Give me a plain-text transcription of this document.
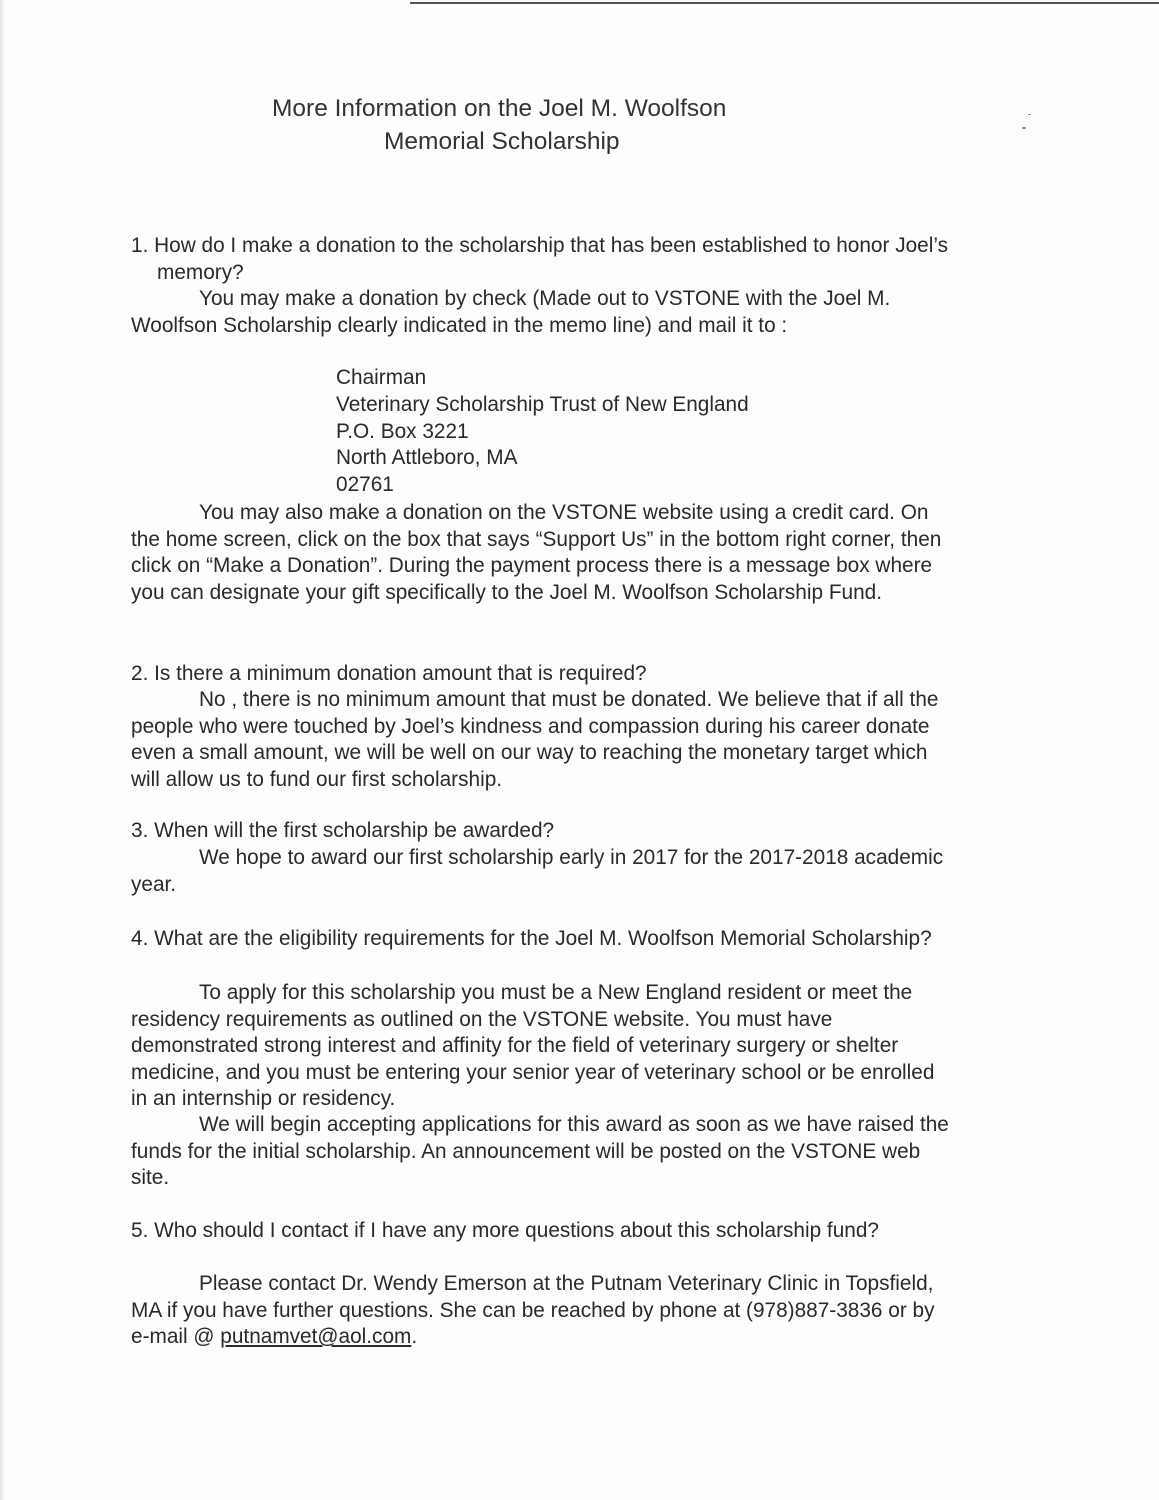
More Information on the Joel M. Woolfson
Memorial Scholarship
1. How do I make a donation to the scholarship that has been established to honor Joel’s memory?
You may make a donation by check (Made out to VSTONE with the Joel M. Woolfson Scholarship clearly indicated in the memo line) and mail it to :
Chairman
Veterinary Scholarship Trust of New England
P.O. Box 3221
North Attleboro, MA
02761
You may also make a donation on the VSTONE website using a credit card. On the home screen, click on the box that says “Support Us” in the bottom right corner, then click on “Make a Donation”. During the payment process there is a message box where you can designate your gift specifically to the Joel M. Woolfson Scholarship Fund.
2. Is there a minimum donation amount that is required?
No , there is no minimum amount that must be donated. We believe that if all the people who were touched by Joel’s kindness and compassion during his career donate even a small amount, we will be well on our way to reaching the monetary target which will allow us to fund our first scholarship.
3. When will the first scholarship be awarded?
We hope to award our first scholarship early in 2017 for the 2017-2018 academic year.
4. What are the eligibility requirements for the Joel M. Woolfson Memorial Scholarship?
To apply for this scholarship you must be a New England resident or meet the residency requirements as outlined on the VSTONE website. You must have demonstrated strong interest and affinity for the field of veterinary surgery or shelter medicine, and you must be entering your senior year of veterinary school or be enrolled in an internship or residency.
We will begin accepting applications for this award as soon as we have raised the funds for the initial scholarship. An announcement will be posted on the VSTONE web site.
5. Who should I contact if I have any more questions about this scholarship fund?
Please contact Dr. Wendy Emerson at the Putnam Veterinary Clinic in Topsfield, MA if you have further questions. She can be reached by phone at (978)887-3836 or by e-mail @ putnamvet@aol.com.
